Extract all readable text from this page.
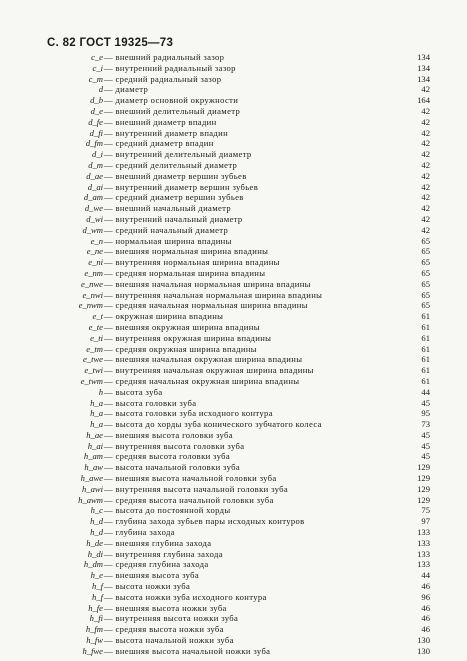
С. 82 ГОСТ 19325—73
c_e — внешний радиальный зазор	134
c_i — внутренний радиальный зазор	134
c_m — средний радиальный зазор	134
d — диаметр	42
d_b — диаметр основной окружности	164
d_e — внешний делительный диаметр	42
d_fe — внешний диаметр впадин	42
d_fi — внутренний диаметр впадин	42
d_fm — средний диаметр впадин	42
d_i — внутренний делительный диаметр	42
d_m — средний делительный диаметр	42
d_ae — внешний диаметр вершин зубьев	42
d_ai — внутренний диаметр вершин зубьев	42
d_am — средний диаметр вершин зубьев	42
d_we — внешний начальный диаметр	42
d_wi — внутренний начальный диаметр	42
d_wm — средний начальный диаметр	42
e_n — нормальная ширина впадины	65
e_ne — внешняя нормальная ширина впадины	65
e_ni — внутренняя нормальная ширина впадины	65
e_nm — средняя нормальная ширина впадины	65
e_nwe — внешняя начальная нормальная ширина впадины	65
e_nwi — внутренняя начальная нормальная ширина впадины	65
e_nwm — средняя начальная нормальная ширина впадины	65
e_t — окружная ширина впадины	61
e_te — внешняя окружная ширина впадины	61
e_ti — внутренняя окружная ширина впадины	61
e_tm — средняя окружная ширина впадины	61
e_twe — внешняя начальная окружная ширина впадины	61
e_twi — внутренняя начальная окружная ширина впадины	61
e_twm — средняя начальная окружная ширина впадины	61
h — высота зуба	44
h_a — высота головки зуба	45
h_a — высота головки зуба исходного контура	95
h_a — высота до хорды зуба конического зубчатого колеса	73
h_ae — внешняя высота головки зуба	45
h_ai — внутренняя высота головки зуба	45
h_am — средняя высота головки зуба	45
h_aw — высота начальной головки зуба	129
h_awe — внешняя высота начальной головки зуба	129
h_awi — внутренняя высота начальной головки зуба	129
h_awm — средняя высота начальной головки зуба	129
h_c — высота до постоянной хорды	75
h_d — глубина захода зубьев пары исходных контуров	97
h_d — глубина захода	133
h_de — внешняя глубина захода	133
h_di — внутренняя глубина захода	133
h_dm — средняя глубина захода	133
h_e — внешняя высота зуба	44
h_f — высота ножки зуба	46
h_f — высота ножки зуба исходного контура	96
h_fe — внешняя высота ножки зуба	46
h_fi — внутренняя высота ножки зуба	46
h_fm — средняя высота ножки зуба	46
h_fw — высота начальной ножки зуба	130
h_fwe — внешняя высота начальной ножки зуба	130
